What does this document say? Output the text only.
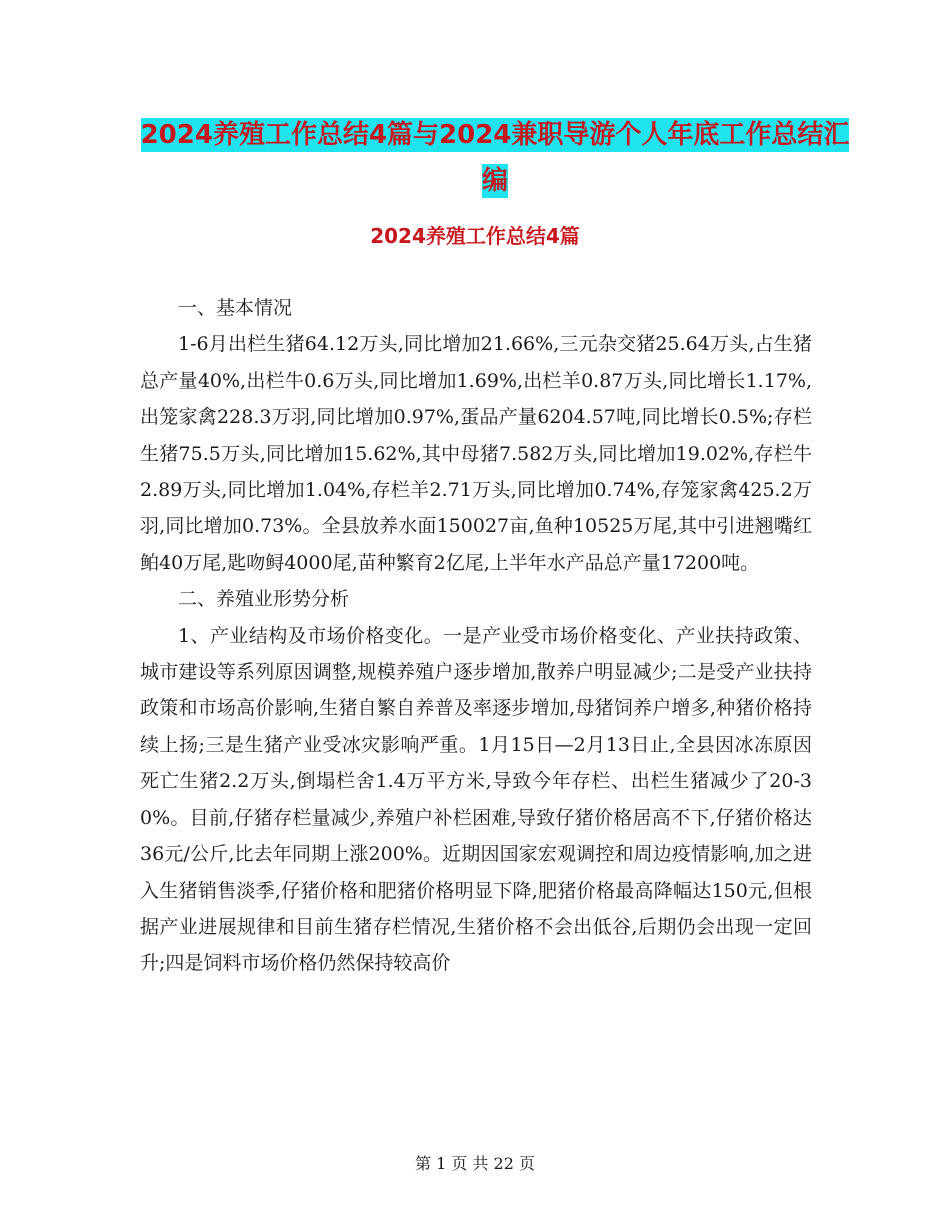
2024养殖工作总结4篇与2024兼职导游个人年底工作总结汇编
2024养殖工作总结4篇

一、基本情况

1-6月出栏生猪64.12万头,同比增加21.66%,三元杂交猪25.64万头,占生猪总产量40%,出栏牛0.6万头,同比增加1.69%,出栏羊0.87万头,同比增长1.17%,出笼家禽228.3万羽,同比增加0.97%,蛋品产量6204.57吨,同比增长0.5%;存栏生猪75.5万头,同比增加15.62%,其中母猪7.582万头,同比增加19.02%,存栏牛2.89万头,同比增加1.04%,存栏羊2.71万头,同比增加0.74%,存笼家禽425.2万羽,同比增加0.73%。全县放养水面150027亩,鱼种10525万尾,其中引进翘嘴红鲌40万尾,匙吻鲟4000尾,苗种繁育2亿尾,上半年水产品总产量17200吨。

二、养殖业形势分析

1、产业结构及市场价格变化。一是产业受市场价格变化、产业扶持政策、城市建设等系列原因调整,规模养殖户逐步增加,散养户明显减少;二是受产业扶持政策和市场高价影响,生猪自繁自养普及率逐步增加,母猪饲养户增多,种猪价格持续上扬;三是生猪产业受冰灾影响严重。1月15日—2月13日止,全县因冰冻原因死亡生猪2.2万头,倒塌栏舍1.4万平方米,导致今年存栏、出栏生猪减少了20-30%。目前,仔猪存栏量减少,养殖户补栏困难,导致仔猪价格居高不下,仔猪价格达36元/公斤,比去年同期上涨200%。近期因国家宏观调控和周边疫情影响,加之进入生猪销售淡季,仔猪价格和肥猪价格明显下降,肥猪价格最高降幅达150元,但根据产业进展规律和目前生猪存栏情况,生猪价格不会出低谷,后期仍会出现一定回升;四是饲料市场价格仍然保持较高价

第 1 页 共 22 页
